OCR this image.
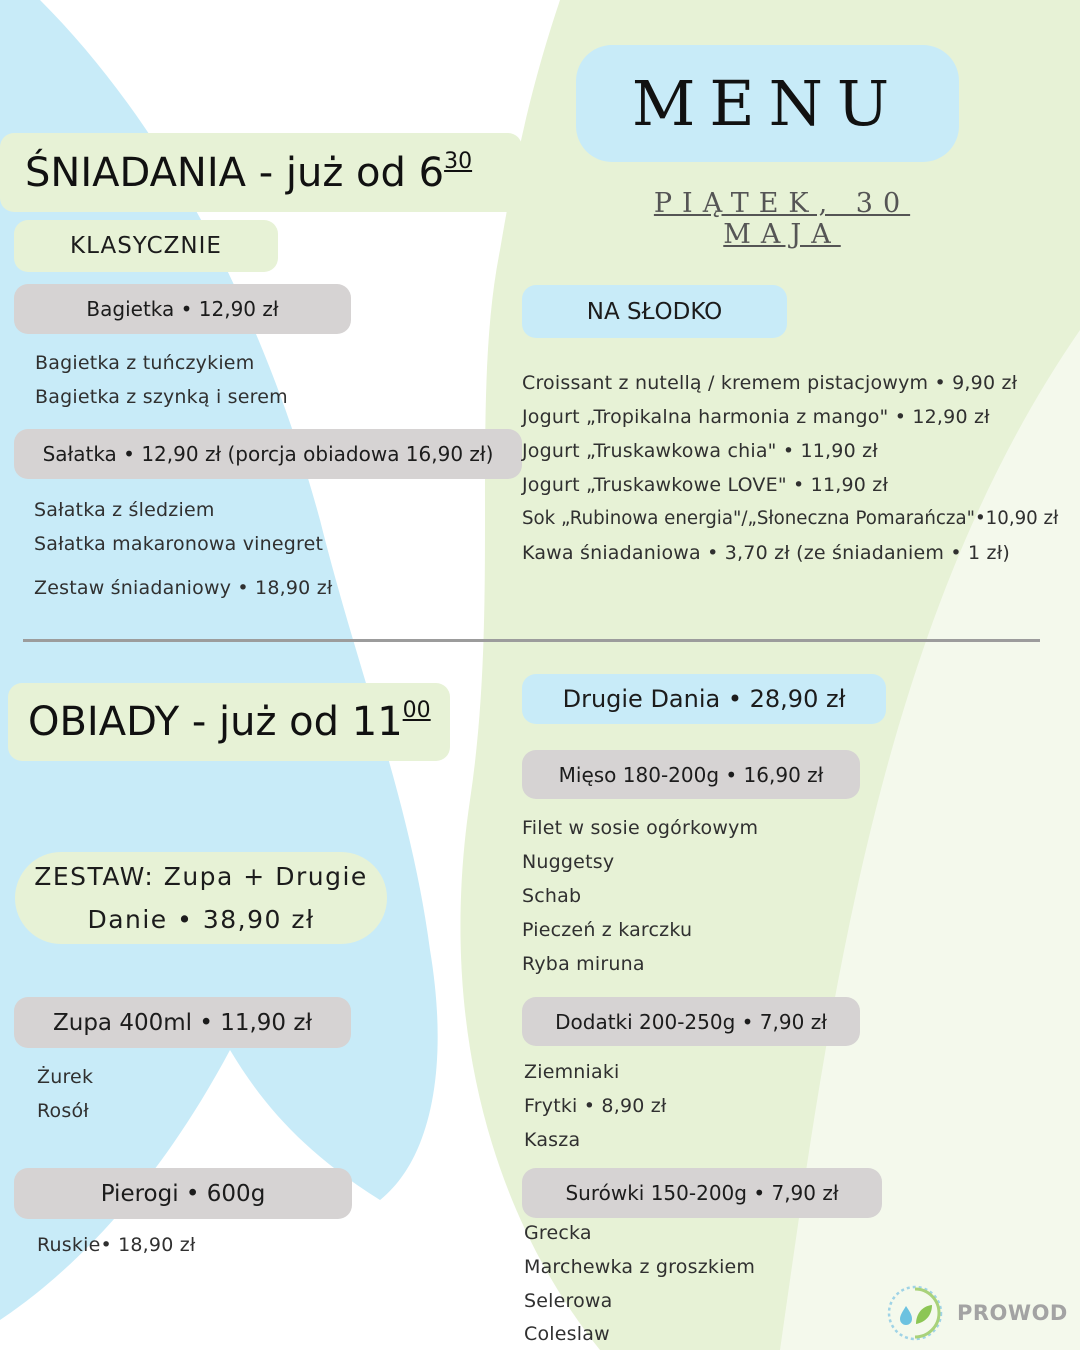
MENU
PIĄTEK, 30 MAJA
ŚNIADANIA - już od $6^{30}$
KLASYCZNIE
Bagietka • 12,90 zł
Bagietka z tuńczykiem
Bagietka z szynką i serem
Sałatka • 12,90 zł (porcja obiadowa 16,90 zł)
Sałatka z śledziem
Sałatka makaronowa vinegret
Zestaw śniadaniowy • 18,90 zł
NA SŁODKO
Croissant z nutellą / kremem pistacjowym • 9,90 zł
Jogurt „Tropikalna harmonia z mango" • 12,90 zł
Jogurt „Truskawkowa chia" • 11,90 zł
Jogurt „Truskawkowe LOVE" • 11,90 zł
Sok „Rubinowa energia"/„Słoneczna Pomarańcza"•10,90 zł
Kawa śniadaniowa • 3,70 zł (ze śniadaniem • 1 zł)
OBIADY - już od $11^{00}$
ZESTAW: Zupa + Drugie
Danie • 38,90 zł
Zupa 400ml • 11,90 zł
Żurek
Rosół
Pierogi • 600g
Ruskie• 18,90 zł
Drugie Dania • 28,90 zł
Mięso 180-200g • 16,90 zł
Filet w sosie ogórkowym
Nuggetsy
Schab
Pieczeń z karczku
Ryba miruna
Dodatki 200-250g • 7,90 zł
Ziemniaki
Frytki • 8,90 zł
Kasza
Surówki 150-200g • 7,90 zł
Grecka
Marchewka z groszkiem
Selerowa
Coleslaw
PROWOD
